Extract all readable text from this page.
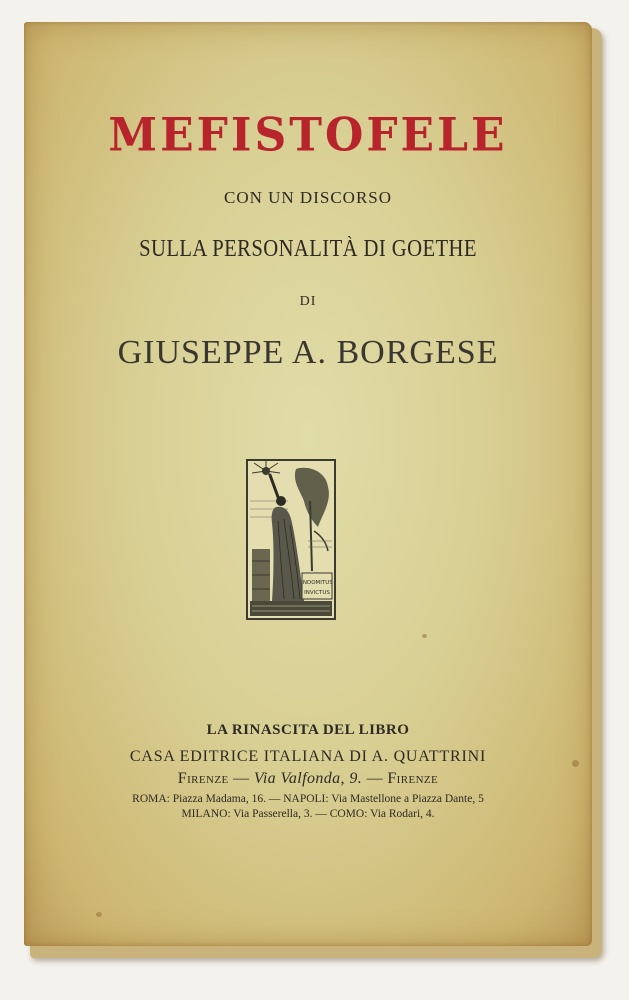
MEFISTOFELE
CON UN DISCORSO
SULLA PERSONALITÀ DI GOETHE
DI
GIUSEPPE A. BORGESE
INDOMITUS
INVICTUS
LA RINASCITA DEL LIBRO
CASA EDITRICE ITALIANA DI A. QUATTRINI
Firenze — Via Valfonda, 9. — Firenze
ROMA: Piazza Madama, 16. — NAPOLI: Via Mastellone a Piazza Dante, 5
MILANO: Via Passerella, 3. — COMO: Via Rodari, 4.
